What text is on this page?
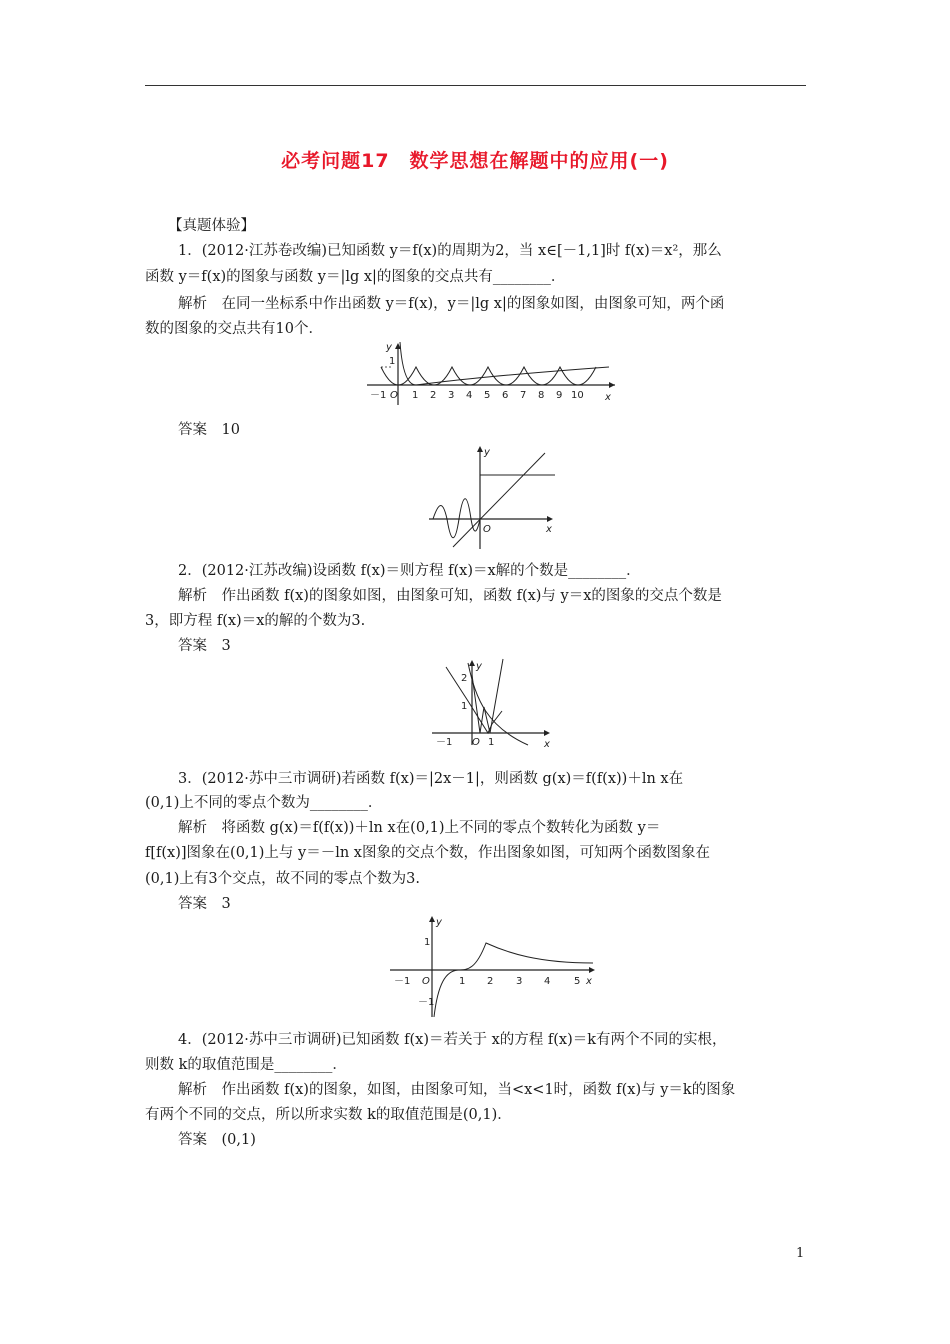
必考问题17　数学思想在解题中的应用(一)
【真题体验】
1．(2012·江苏卷改编)已知函数 y＝f(x)的周期为2，当 x∈[－1,1]时 f(x)＝x²，那么
函数 y＝f(x)的图象与函数 y＝|lg x|的图象的交点共有________．
解析　在同一坐标系中作出函数 y＝f(x)，y＝|lg x|的图象如图，由图象可知，两个函
数的图象的交点共有10个．
y
1
－1 O 1 2 3 4 5 6 7 8 9 10 x
答案　10
y
O	x
2．(2012·江苏改编)设函数 f(x)＝则方程 f(x)＝x解的个数是________．
解析　作出函数 f(x)的图象如图，由图象可知，函数 f(x)与 y＝x的图象的交点个数是
3，即方程 f(x)＝x的解的个数为3.
答案　3
y
2
1
－1 O 1	x
3．(2012·苏中三市调研)若函数 f(x)＝|2x－1|，则函数 g(x)＝f(f(x))＋ln x在
(0,1)上不同的零点个数为________．
解析　将函数 g(x)＝f(f(x))＋ln x在(0,1)上不同的零点个数转化为函数 y＝
f[f(x)]图象在(0,1)上与 y＝－ln x图象的交点个数，作出图象如图，可知两个函数图象在
(0,1)上有3个交点，故不同的零点个数为3.
答案　3
y
1
－1 O	1 2 3 4 5 x
－1
4．(2012·苏中三市调研)已知函数 f(x)＝若关于 x的方程 f(x)＝k有两个不同的实根，
则数 k的取值范围是________．
解析　作出函数 f(x)的图象，如图，由图象可知，当<x<1时，函数 f(x)与 y＝k的图象
有两个不同的交点，所以所求实数 k的取值范围是(0,1)．
答案　(0,1)
1
